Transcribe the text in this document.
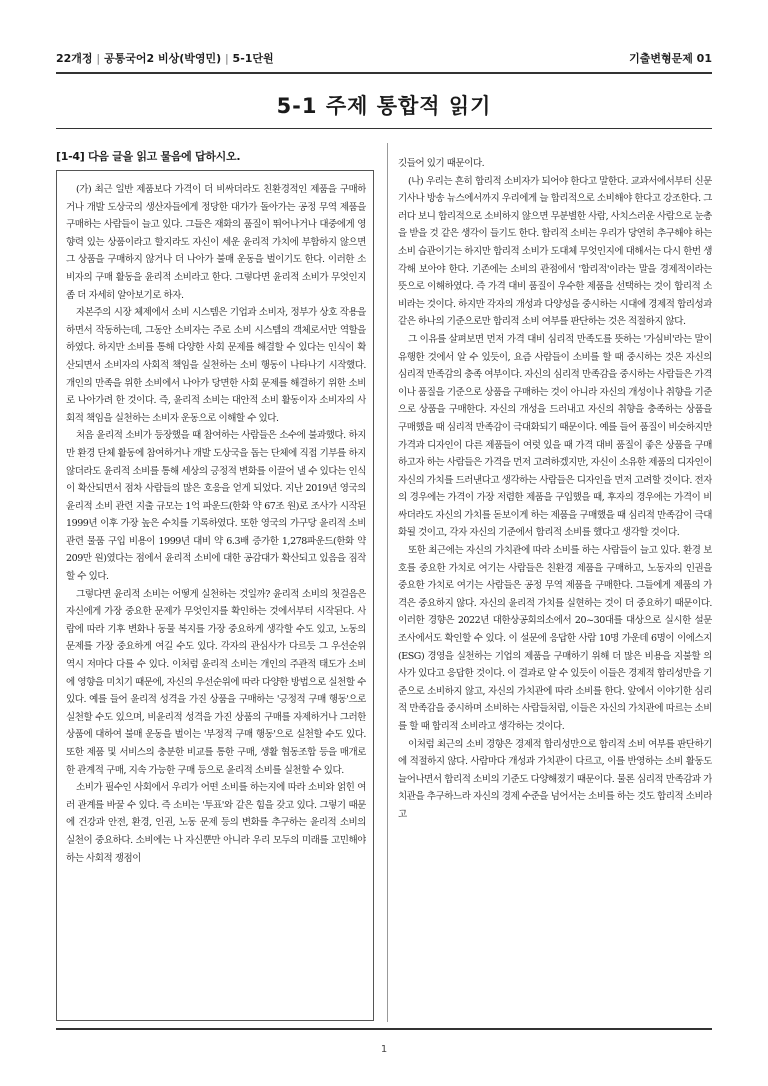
22개정 | 공통국어2 비상(박영민) | 5-1단원	기출변형문제 01
5-1 주제 통합적 읽기
[1-4] 다음 글을 읽고 물음에 답하시오.

(가) 최근 일반 제품보다 가격이 더 비싸더라도 친환경적인 제품을 구매하거나 개발 도상국의 생산자들에게 정당한 대가가 돌아가는 공정 무역 제품을 구매하는 사람들이 늘고 있다. 그들은 재화의 품질이 뛰어나거나 대중에게 영향력 있는 상품이라고 할지라도 자신이 세운 윤리적 가치에 부합하지 않으면 그 상품을 구매하지 않거나 더 나아가 불매 운동을 벌이기도 한다. 이러한 소비자의 구매 활동을 윤리적 소비라고 한다. 그렇다면 윤리적 소비가 무엇인지 좀 더 자세히 알아보기로 하자.

자본주의 시장 체제에서 소비 시스템은 기업과 소비자, 정부가 상호 작용을 하면서 작동하는데, 그동안 소비자는 주로 소비 시스템의 객체로서만 역할을 하였다. 하지만 소비를 통해 다양한 사회 문제를 해결할 수 있다는 인식이 확산되면서 소비자의 사회적 책임을 실천하는 소비 행동이 나타나기 시작했다. 개인의 만족을 위한 소비에서 나아가 당면한 사회 문제를 해결하기 위한 소비로 나아가려 한 것이다. 즉, 윤리적 소비는 대안적 소비 활동이자 소비자의 사회적 책임을 실천하는 소비자 운동으로 이해할 수 있다.

처음 윤리적 소비가 등장했을 때 참여하는 사람들은 소수에 불과했다. 하지만 환경 단체 활동에 참여하거나 개발 도상국을 돕는 단체에 직접 기부를 하지 않더라도 윤리적 소비를 통해 세상의 긍정적 변화를 이끌어 낼 수 있다는 인식이 확산되면서 점차 사람들의 많은 호응을 얻게 되었다. 지난 2019년 영국의 윤리적 소비 관련 지출 규모는 1억 파운드(한화 약 67조 원)로 조사가 시작된 1999년 이후 가장 높은 수치를 기록하였다. 또한 영국의 가구당 윤리적 소비 관련 물품 구입 비용이 1999년 대비 약 6.3배 증가한 1,278파운드(한화 약 209만 원)였다는 점에서 윤리적 소비에 대한 공감대가 확산되고 있음을 짐작할 수 있다.

그렇다면 윤리적 소비는 어떻게 실천하는 것일까? 윤리적 소비의 첫걸음은 자신에게 가장 중요한 문제가 무엇인지를 확인하는 것에서부터 시작된다. 사람에 따라 기후 변화나 동물 복지를 가장 중요하게 생각할 수도 있고, 노동의 문제를 가장 중요하게 여길 수도 있다. 각자의 관심사가 다르듯 그 우선순위 역시 저마다 다를 수 있다. 이처럼 윤리적 소비는 개인의 주관적 태도가 소비에 영향을 미치기 때문에, 자신의 우선순위에 따라 다양한 방법으로 실천할 수 있다. 예를 들어 윤리적 성격을 가진 상품을 구매하는 '긍정적 구매 행동'으로 실천할 수도 있으며, 비윤리적 성격을 가진 상품의 구매를 자제하거나 그러한 상품에 대하여 불매 운동을 벌이는 '부정적 구매 행동'으로 실천할 수도 있다. 또한 제품 및 서비스의 충분한 비교를 통한 구매, 생활 협동조합 등을 매개로 한 관계적 구매, 지속 가능한 구매 등으로 윤리적 소비를 실천할 수 있다.

소비가 필수인 사회에서 우리가 어떤 소비를 하는지에 따라 소비와 얽힌 여러 관계를 바꿀 수 있다. 즉 소비는 '투표'와 같은 힘을 갖고 있다. 그렇기 때문에 건강과 안전, 환경, 인권, 노동 문제 등의 변화를 추구하는 윤리적 소비의 실천이 중요하다. 소비에는 나 자신뿐만 아니라 우리 모두의 미래를 고민해야 하는 사회적 쟁점이

깃들어 있기 때문이다.

(나) 우리는 흔히 합리적 소비자가 되어야 한다고 말한다. 교과서에서부터 신문 기사나 방송 뉴스에서까지 우리에게 늘 합리적으로 소비해야 한다고 강조한다. 그러다 보니 합리적으로 소비하지 않으면 무분별한 사람, 사치스러운 사람으로 눈총을 받을 것 같은 생각이 들기도 한다. 합리적 소비는 우리가 당연히 추구해야 하는 소비 습관이기는 하지만 합리적 소비가 도대체 무엇인지에 대해서는 다시 한번 생각해 보아야 한다. 기존에는 소비의 관점에서 '합리적'이라는 말을 경제적이라는 뜻으로 이해하였다. 즉 가격 대비 품질이 우수한 제품을 선택하는 것이 합리적 소비라는 것이다. 하지만 각자의 개성과 다양성을 중시하는 시대에 경제적 합리성과 같은 하나의 기준으로만 합리적 소비 여부를 판단하는 것은 적절하지 않다.

그 이유를 살펴보면 먼저 가격 대비 심리적 만족도를 뜻하는 '가심비'라는 말이 유행한 것에서 알 수 있듯이, 요즘 사람들이 소비를 할 때 중시하는 것은 자신의 심리적 만족감의 충족 여부이다. 자신의 심리적 만족감을 중시하는 사람들은 가격이나 품질을 기준으로 상품을 구매하는 것이 아니라 자신의 개성이나 취향을 기준으로 상품을 구매한다. 자신의 개성을 드러내고 자신의 취향을 충족하는 상품을 구매했을 때 심리적 만족감이 극대화되기 때문이다. 예를 들어 품질이 비슷하지만 가격과 디자인이 다른 제품들이 여럿 있을 때 가격 대비 품질이 좋은 상품을 구매하고자 하는 사람들은 가격을 먼저 고려하겠지만, 자신이 소유한 제품의 디자인이 자신의 가치를 드러낸다고 생각하는 사람들은 디자인을 먼저 고려할 것이다. 전자의 경우에는 가격이 가장 저렴한 제품을 구입했을 때, 후자의 경우에는 가격이 비싸더라도 자신의 가치를 돋보이게 하는 제품을 구매했을 때 심리적 만족감이 극대화될 것이고, 각자 자신의 기준에서 합리적 소비를 했다고 생각할 것이다.

또한 최근에는 자신의 가치관에 따라 소비를 하는 사람들이 늘고 있다. 환경 보호를 중요한 가치로 여기는 사람들은 친환경 제품을 구매하고, 노동자의 인권을 중요한 가치로 여기는 사람들은 공정 무역 제품을 구매한다. 그들에게 제품의 가격은 중요하지 않다. 자신의 윤리적 가치를 실현하는 것이 더 중요하기 때문이다. 이러한 경향은 2022년 대한상공회의소에서 20~30대를 대상으로 실시한 설문 조사에서도 확인할 수 있다. 이 설문에 응답한 사람 10명 가운데 6명이 이에스지(ESG) 경영을 실천하는 기업의 제품을 구매하기 위해 더 많은 비용을 지불할 의사가 있다고 응답한 것이다. 이 결과로 알 수 있듯이 이들은 경제적 합리성만을 기준으로 소비하지 않고, 자신의 가치관에 따라 소비를 한다. 앞에서 이야기한 심리적 만족감을 중시하며 소비하는 사람들처럼, 이들은 자신의 가치관에 따르는 소비를 할 때 합리적 소비라고 생각하는 것이다.

이처럼 최근의 소비 경향은 경제적 합리성만으로 합리적 소비 여부를 판단하기에 적절하지 않다. 사람마다 개성과 가치관이 다르고, 이를 반영하는 소비 활동도 늘어나면서 합리적 소비의 기준도 다양해졌기 때문이다. 물론 심리적 만족감과 가치관을 추구하느라 자신의 경제 수준을 넘어서는 소비를 하는 것도 합리적 소비라고

1
